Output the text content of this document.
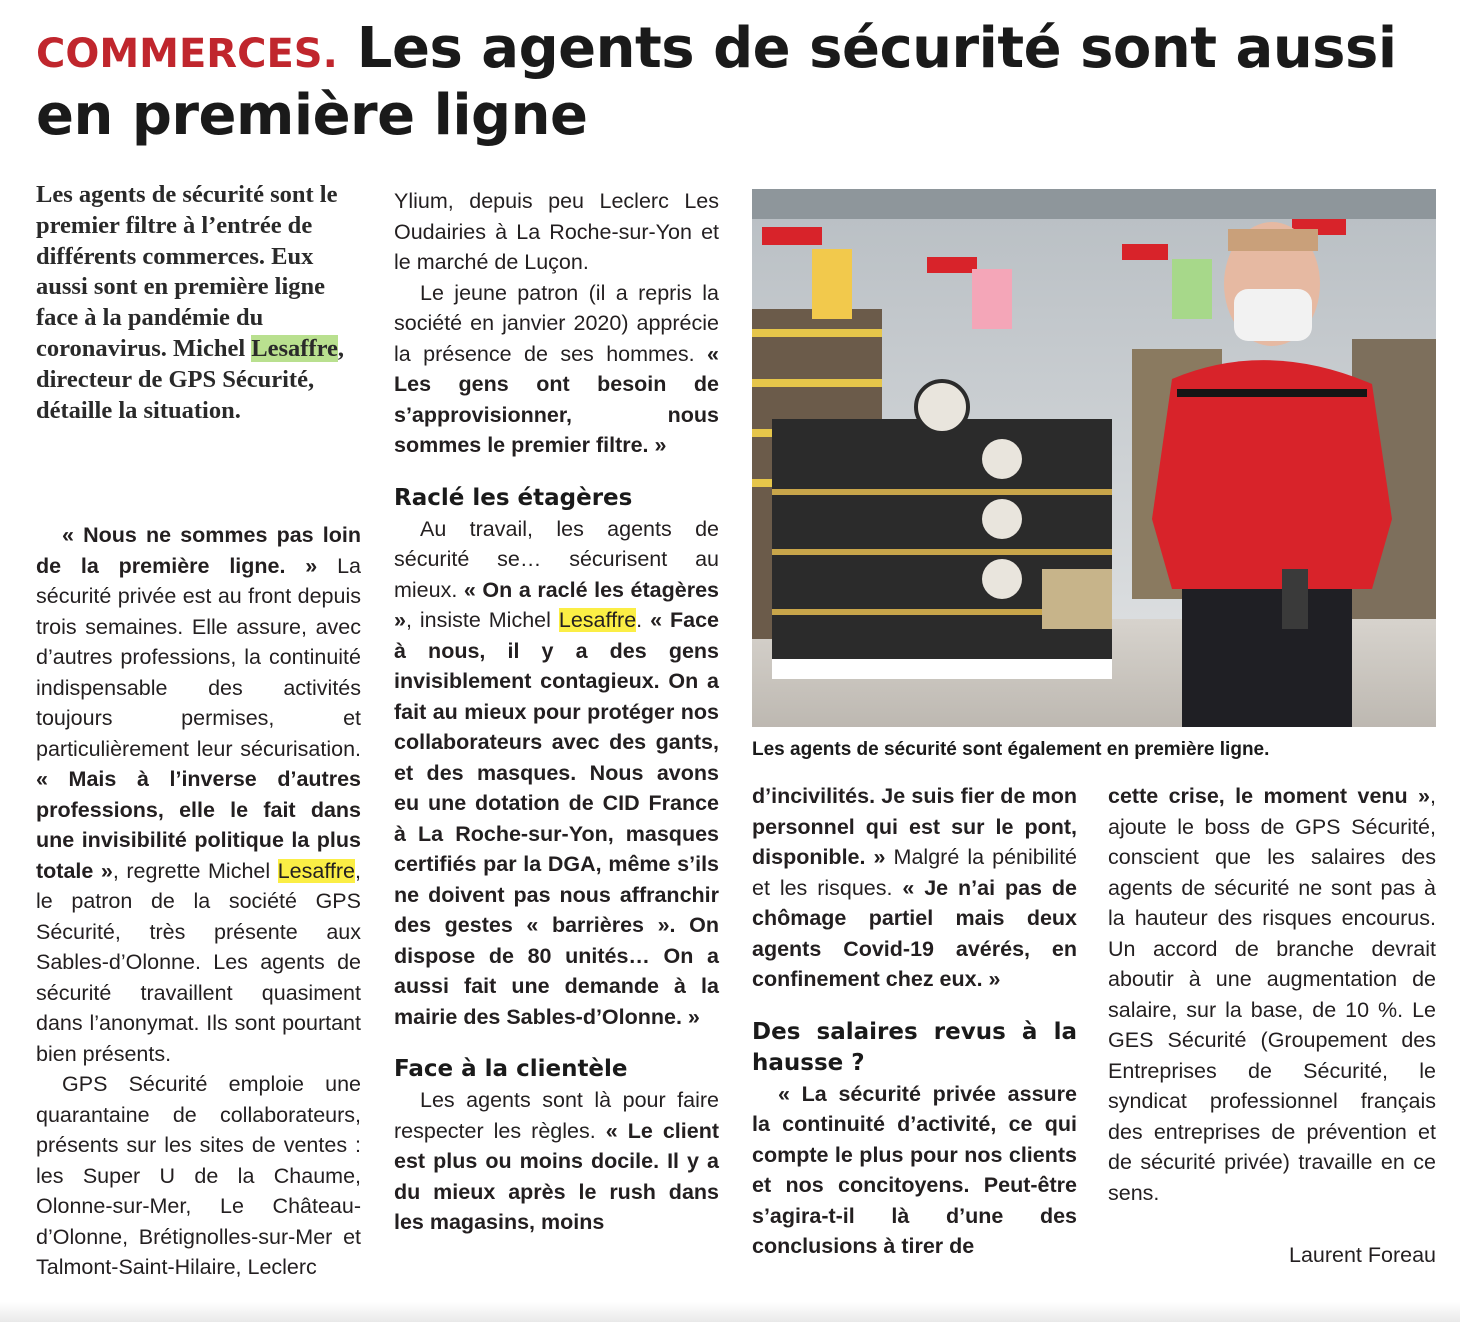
COMMERCES. Les agents de sécurité sont aussi en première ligne
Les agents de sécurité sont le premier filtre à l’entrée de différents commerces. Eux aussi sont en première ligne face à la pandémie du coronavirus. Michel Lesaffre, directeur de GPS Sécurité, détaille la situation.

« Nous ne sommes pas loin de la première ligne. » La sécurité privée est au front depuis trois semaines. Elle assure, avec d’autres professions, la continuité indispensable des activités toujours permises, et particulièrement leur sécurisation. « Mais à l’inverse d’autres professions, elle le fait dans une invisibilité politique la plus totale », regrette Michel Lesaffre, le patron de la société GPS Sécurité, très présente aux Sables-d’Olonne. Les agents de sécurité travaillent quasiment dans l’anonymat. Ils sont pourtant bien présents.

GPS Sécurité emploie une quarantaine de collaborateurs, présents sur les sites de ventes : les Super U de la Chaume, Olonne-sur-Mer, Le Château-d’Olonne, Brétignolles-sur-Mer et Talmont-Saint-Hilaire, Leclerc

Ylium, depuis peu Leclerc Les Oudairies à La Roche-sur-Yon et le marché de Luçon.

Le jeune patron (il a repris la société en janvier 2020) apprécie la présence de ses hommes. « Les gens ont besoin de s’approvisionner, nous sommes le premier filtre. »

Raclé les étagères

Au travail, les agents de sécurité se… sécurisent au mieux. « On a raclé les étagères », insiste Michel Lesaffre. « Face à nous, il y a des gens invisiblement contagieux. On a fait au mieux pour protéger nos collaborateurs avec des gants, et des masques. Nous avons eu une dotation de CID France à La Roche-sur-Yon, masques certifiés par la DGA, même s’ils ne doivent pas nous affranchir des gestes « barrières ». On dispose de 80 unités… On a aussi fait une demande à la mairie des Sables-d’Olonne. »

Face à la clientèle

Les agents sont là pour faire respecter les règles. « Le client est plus ou moins docile. Il y a du mieux après le rush dans les magasins, moins

Les agents de sécurité sont également en première ligne.

d’incivilités. Je suis fier de mon personnel qui est sur le pont, disponible. » Malgré la pénibilité et les risques. « Je n’ai pas de chômage partiel mais deux agents Covid-19 avérés, en confinement chez eux. »

Des salaires revus à la hausse ?

« La sécurité privée assure la continuité d’activité, ce qui compte le plus pour nos clients et nos concitoyens. Peut-être s’agira-t-il là d’une des conclusions à tirer de

cette crise, le moment venu », ajoute le boss de GPS Sécurité, conscient que les salaires des agents de sécurité ne sont pas à la hauteur des risques encourus. Un accord de branche devrait aboutir à une augmentation de salaire, sur la base, de 10 %. Le GES Sécurité (Groupement des Entreprises de Sécurité, le syndicat professionnel français des entreprises de prévention et de sécurité privée) travaille en ce sens.

Laurent Foreau
